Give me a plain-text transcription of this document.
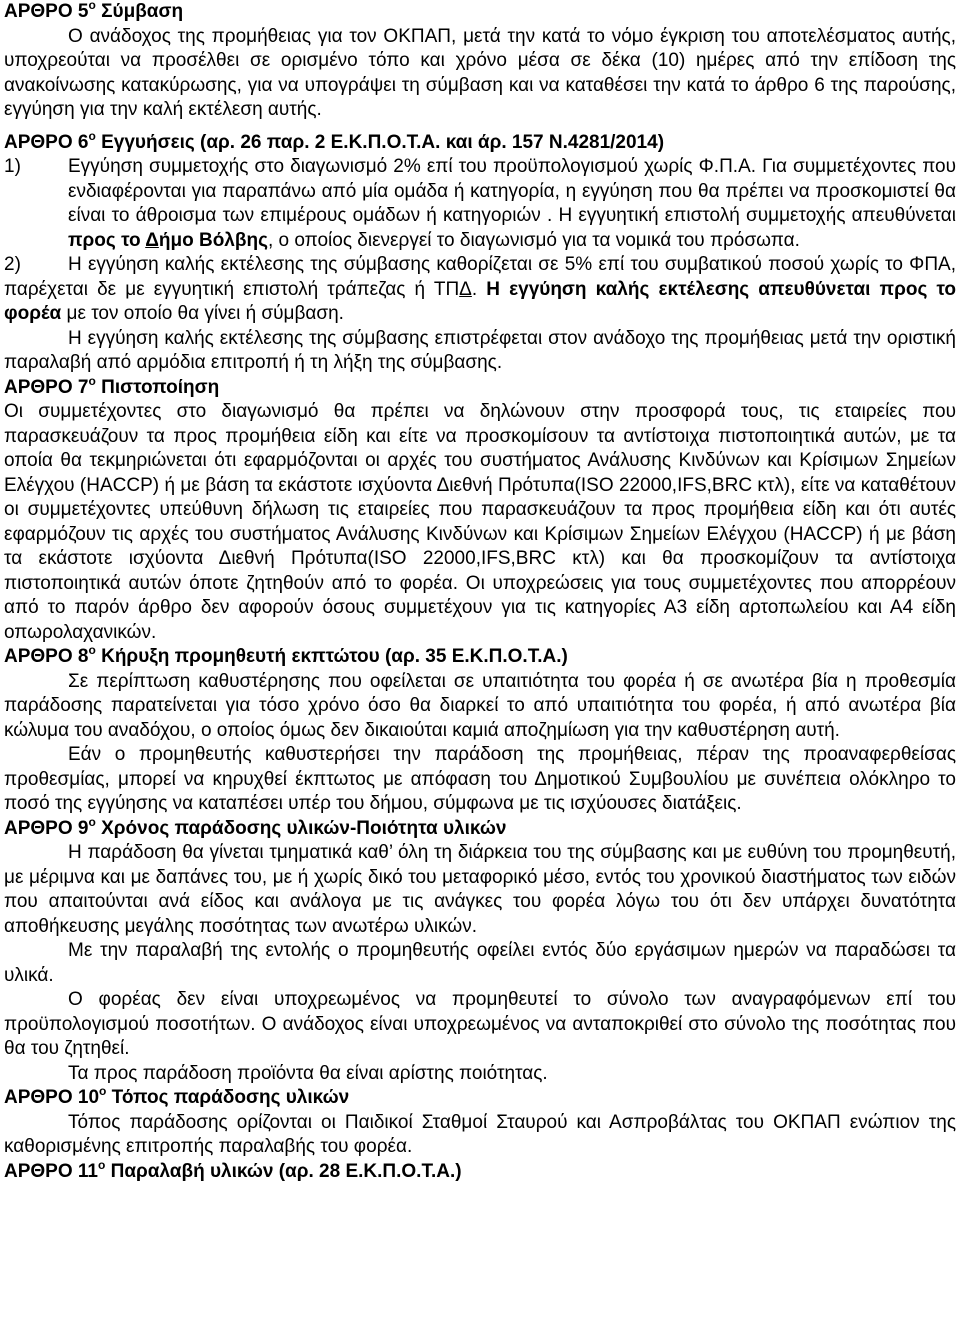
ΑΡΘΡΟ $5^o$ Σύμβαση

Ο ανάδοχος της προμήθειας για τον ΟΚΠΑΠ, μετά την κατά το νόμο έγκριση του αποτελέσματος αυτής, υποχρεούται να προσέλθει σε ορισμένο τόπο και χρόνο μέσα σε δέκα (10) ημέρες από την επίδοση της ανακοίνωσης κατακύρωσης, για να υπογράψει τη σύμβαση και να καταθέσει την κατά το άρθρο 6 της παρούσης, εγγύηση για την καλή εκτέλεση αυτής.

ΑΡΘΡΟ $6^o$ Εγγυήσεις (αρ. 26 παρ. 2 Ε.Κ.Π.Ο.Τ.Α. και άρ. 157 Ν.4281/2014)

1) Εγγύηση συμμετοχής στο διαγωνισμό 2% επί του προϋπολογισμού χωρίς Φ.Π.Α. Για συμμετέχοντες που ενδιαφέρονται για παραπάνω από μία ομάδα ή κατηγορία, η εγγύηση που θα πρέπει να προσκομιστεί θα είναι το άθροισμα των επιμέρους ομάδων ή κατηγοριών . Η εγγυητική επιστολή συμμετοχής απευθύνεται προς το Δήμο Βόλβης, ο οποίος διενεργεί το διαγωνισμό για τα νομικά του πρόσωπα.

2) Η εγγύηση καλής εκτέλεσης της σύμβασης καθορίζεται σε 5% επί του συμβατικού ποσού χωρίς το ΦΠΑ, παρέχεται δε με εγγυητική επιστολή τράπεζας ή ΤΠΔ. Η εγγύηση καλής εκτέλεσης απευθύνεται προς το φορέα με τον οποίο θα γίνει ή σύμβαση.

Η εγγύηση καλής εκτέλεσης της σύμβασης επιστρέφεται στον ανάδοχο της προμήθειας μετά την οριστική παραλαβή από αρμόδια επιτροπή ή τη λήξη της σύμβασης.

ΑΡΘΡΟ $7^o$ Πιστοποίηση

Οι συμμετέχοντες στο διαγωνισμό θα πρέπει να δηλώνουν στην προσφορά τους, τις εταιρείες που παρασκευάζουν τα προς προμήθεια είδη και είτε να προσκομίσουν τα αντίστοιχα πιστοποιητικά αυτών, με τα οποία θα τεκμηριώνεται ότι εφαρμόζονται οι αρχές του συστήματος Ανάλυσης Κινδύνων και Κρίσιμων Σημείων Ελέγχου (HACCP) ή με βάση τα εκάστοτε ισχύοντα Διεθνή Πρότυπα(ISO 22000,IFS,BRC κτλ), είτε να καταθέτουν οι συμμετέχοντες υπεύθυνη δήλωση τις εταιρείες που παρασκευάζουν τα προς προμήθεια είδη και ότι αυτές εφαρμόζουν τις αρχές του συστήματος Ανάλυσης Κινδύνων και Κρίσιμων Σημείων Ελέγχου (HACCP) ή με βάση τα εκάστοτε ισχύοντα Διεθνή Πρότυπα(ISO 22000,IFS,BRC κτλ) και θα προσκομίζουν τα αντίστοιχα πιστοποιητικά αυτών όποτε ζητηθούν από το φορέα. Οι υποχρεώσεις για τους συμμετέχοντες που απορρέουν από το παρόν άρθρο δεν αφορούν όσους συμμετέχουν για τις κατηγορίες Α3 είδη αρτοπωλείου και Α4 είδη οπωρολαχανικών.

ΑΡΘΡΟ $8^o$ Κήρυξη προμηθευτή εκπτώτου (αρ. 35 Ε.Κ.Π.Ο.Τ.Α.)

Σε περίπτωση καθυστέρησης που οφείλεται σε υπαιτιότητα του φορέα ή σε ανωτέρα βία η προθεσμία παράδοσης παρατείνεται για τόσο χρόνο όσο θα διαρκεί το από υπαιτιότητα του φορέα, ή από ανωτέρα βία κώλυμα του αναδόχου, ο οποίος όμως δεν δικαιούται καμιά αποζημίωση για την καθυστέρηση αυτή.

Εάν ο προμηθευτής καθυστερήσει την παράδοση της προμήθειας, πέραν της προαναφερθείσας προθεσμίας, μπορεί να κηρυχθεί έκπτωτος με απόφαση του Δημοτικού Συμβουλίου με συνέπεια ολόκληρο το ποσό της εγγύησης να καταπέσει υπέρ του δήμου, σύμφωνα με τις ισχύουσες διατάξεις.

ΑΡΘΡΟ $9^o$ Χρόνος παράδοσης υλικών-Ποιότητα υλικών

Η παράδοση θα γίνεται τμηματικά καθ’ όλη τη διάρκεια του της σύμβασης και με ευθύνη του προμηθευτή, με μέριμνα και με δαπάνες του, με ή χωρίς δικό του μεταφορικό μέσο, εντός του χρονικού διαστήματος των ειδών που απαιτούνται ανά είδος και ανάλογα με τις ανάγκες του φορέα λόγω του ότι δεν υπάρχει δυνατότητα αποθήκευσης μεγάλης ποσότητας των ανωτέρω υλικών.

Με την παραλαβή της εντολής ο προμηθευτής οφείλει εντός δύο εργάσιμων ημερών να παραδώσει τα υλικά.

Ο φορέας δεν είναι υποχρεωμένος να προμηθευτεί το σύνολο των αναγραφόμενων επί του προϋπολογισμού ποσοτήτων. Ο ανάδοχος είναι υποχρεωμένος να ανταποκριθεί στο σύνολο της ποσότητας που θα του ζητηθεί.

Τα προς παράδοση προϊόντα θα είναι αρίστης ποιότητας.

ΑΡΘΡΟ $10^o$ Τόπος παράδοσης υλικών

Τόπος παράδοσης ορίζονται οι Παιδικοί Σταθμοί Σταυρού και Ασπροβάλτας του ΟΚΠΑΠ ενώπιον της καθορισμένης επιτροπής παραλαβής του φορέα.

ΑΡΘΡΟ $11^o$ Παραλαβή υλικών (αρ. 28 Ε.Κ.Π.Ο.Τ.Α.)
